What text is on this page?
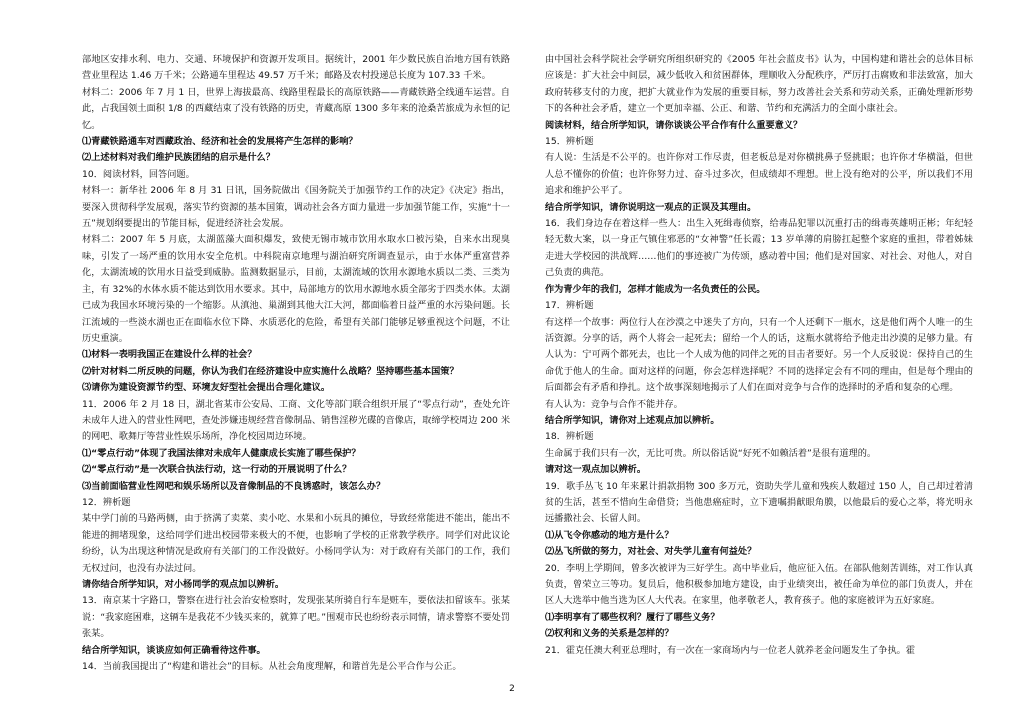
部地区安排水利、电力、交通、环境保护和资源开发项目。据统计，2001 年少数民族自治地方国有铁路营业里程达 1.46 万千米；公路通车里程达 49.57 万千米；邮路及农村投递总长度为 107.33 千米。

材料二：2006 年 7 月 1 日，世界上海拔最高、线路里程最长的高原铁路——青藏铁路全线通车运营。自此，占我国领土面积 1/8 的西藏结束了没有铁路的历史，青藏高原 1300 多年来的沧桑苦旅成为永恒的记忆。

⑴青藏铁路通车对西藏政治、经济和社会的发展将产生怎样的影响？

⑵上述材料对我们维护民族团结的启示是什么？

10．阅读材料，回答问题。

材料一：新华社 2006 年 8 月 31 日讯，国务院做出《国务院关于加强节约工作的决定》《决定》指出，要深入贯彻科学发展观，落实节约资源的基本国策，调动社会各方面力量进一步加强节能工作，实施“十一五”规划纲要提出的节能目标，促进经济社会发展。

材料二：2007 年 5 月底，太湖蓝藻大面积爆发，致使无锡市城市饮用水取水口被污染，自来水出现臭味，引发了一场严重的饮用水安全危机。中科院南京地理与湖泊研究所调查显示，由于水体严重富营养化，太湖流域的饮用水日益受到威胁。监测数据显示，目前，太湖流域的饮用水源地水质以二类、三类为主，有 32%的水体水质不能达到饮用水要求。其中，局部地方的饮用水源地水质全部劣于四类水体。太湖已成为我国水环境污染的一个缩影。从滇池、巢湖到其他大江大河，都面临着日益严重的水污染问题。长江流域的一些淡水湖也正在面临水位下降、水质恶化的危险，希望有关部门能够足够重视这个问题，不让历史重演。

⑴材料一表明我国正在建设什么样的社会？

⑵针对材料二所反映的问题，你认为我们在经济建设中应实施什么战略？坚持哪些基本国策？

⑶请你为建设资源节约型、环境友好型社会提出合理化建议。

11．2006 年 2 月 18 日，湖北省某市公安局、工商、文化等部门联合组织开展了“零点行动”，查处允许未成年人进入的营业性网吧，查处涉嫌违规经营音像制品、销售淫秽光碟的音像店，取缔学校周边 200 米的网吧、歌舞厅等营业性娱乐场所，净化校园周边环境。

⑴“零点行动”体现了我国法律对未成年人健康成长实施了哪些保护？

⑵“零点行动”是一次联合执法行动，这一行动的开展说明了什么？

⑶当前面临营业性网吧和娱乐场所以及音像制品的不良诱惑时，该怎么办？

12．辨析题

某中学门前的马路两侧，由于挤满了卖菜、卖小吃、水果和小玩具的摊位，导致经常能进不能出，能出不能进的拥堵现象，这给同学们进出校园带来极大的不便，也影响了学校的正常教学秩序。同学们对此议论纷纷，认为出现这种情况是政府有关部门的工作没做好。小杨同学认为：对于政府有关部门的工作，我们无权过问，也没有办法过问。

请你结合所学知识，对小杨同学的观点加以辨析。

13．南京某十字路口，警察在进行社会治安检察时，发现张某所骑自行车是赃车，要依法扣留该车。张某说：“我家庭困难，这辆车是我花不少钱买来的，就算了吧。”围观市民也纷纷表示同情，请求警察不要处罚张某。

结合所学知识，谈谈应如何正确看待这件事。

14．当前我国提出了“构建和谐社会”的目标。从社会角度理解，和谐首先是公平合作与公正。

由中国社会科学院社会学研究所组织研究的《2005 年社会蓝皮书》认为，中国构建和谐社会的总体目标应该是：扩大社会中间层，减少低收入和贫困群体，理顺收入分配秩序，严厉打击腐败和非法致富，加大政府转移支付的力度，把扩大就业作为发展的重要目标，努力改善社会关系和劳动关系，正确处理新形势下的各种社会矛盾，建立一个更加幸福、公正、和谐、节约和充满活力的全面小康社会。

阅读材料，结合所学知识，请你谈谈公平合作有什么重要意义？

15．辨析题

有人说：生活是不公平的。也许你对工作尽责，但老板总是对你横挑鼻子竖挑眼；也许你才华横溢，但世人总不懂你的价值；也许你努力过、奋斗过多次，但成绩却不理想。世上没有绝对的公平，所以我们不用追求和维护公平了。

结合所学知识，请你说明这一观点的正误及其理由。

16．我们身边存在着这样一些人：出生入死缉毒侦察，给毒品犯罪以沉重打击的缉毒英雄明正彬；年纪轻轻无数大案，以一身正气镇住邪恶的“女神警”任长霞；13 岁单薄的肩膀扛起整个家庭的重担，带着姊妹走进大学校园的洪战辉……他们的事迹被广为传颂，感动着中国；他们是对国家、对社会、对他人，对自己负责的典范。

作为青少年的我们，怎样才能成为一名负责任的公民。

17．辨析题

有这样一个故事：两位行人在沙漠之中迷失了方向，只有一个人还剩下一瓶水，这是他们两个人唯一的生活资源。分享的话，两个人将会一起死去；留给一个人的话，这瓶水就将给予他走出沙漠的足够力量。有人认为：宁可两个都死去，也比一个人成为他的同伴之死的目击者要好。另一个人反驳说：保持自己的生命优于他人的生命。面对这样的问题，你会怎样选择呢？不同的选择定会有不同的理由，但是每个理由的后面都会有矛盾和挣扎。这个故事深刻地揭示了人们在面对竞争与合作的选择时的矛盾和复杂的心理。

有人认为：竞争与合作不能并存。

结合所学知识，请你对上述观点加以辨析。

18．辨析题

生命属于我们只有一次，无比可贵。所以俗话说“好死不如赖活着”是很有道理的。

请对这一观点加以辨析。

19．歌手丛飞 10 年来累计捐款捐物 300 多万元，资助失学儿童和残疾人数超过 150 人，自己却过着清贫的生活，甚至不惜向生命借贷；当他患癌症时，立下遗嘱捐献眼角膜，以他最后的爱心之举，将光明永远播撒社会、长留人间。

⑴从飞令你感动的地方是什么？

⑵丛飞所做的努力，对社会、对失学儿童有何益处？

20．李明上学期间，曾多次被评为三好学生。高中毕业后，他应征入伍。在部队他刻苦训练，对工作认真负责，曾荣立三等功。复员后，他积极参加地方建设，由于业绩突出，被任命为单位的部门负责人，并在区人大选举中他当选为区人大代表。在家里，他孝敬老人，教育孩子。他的家庭被评为五好家庭。

⑴李明享有了哪些权利？履行了哪些义务？

⑵权利和义务的关系是怎样的？

21．霍克任澳大利亚总理时，有一次在一家商场内与一位老人就养老金问题发生了争执。霍

2
